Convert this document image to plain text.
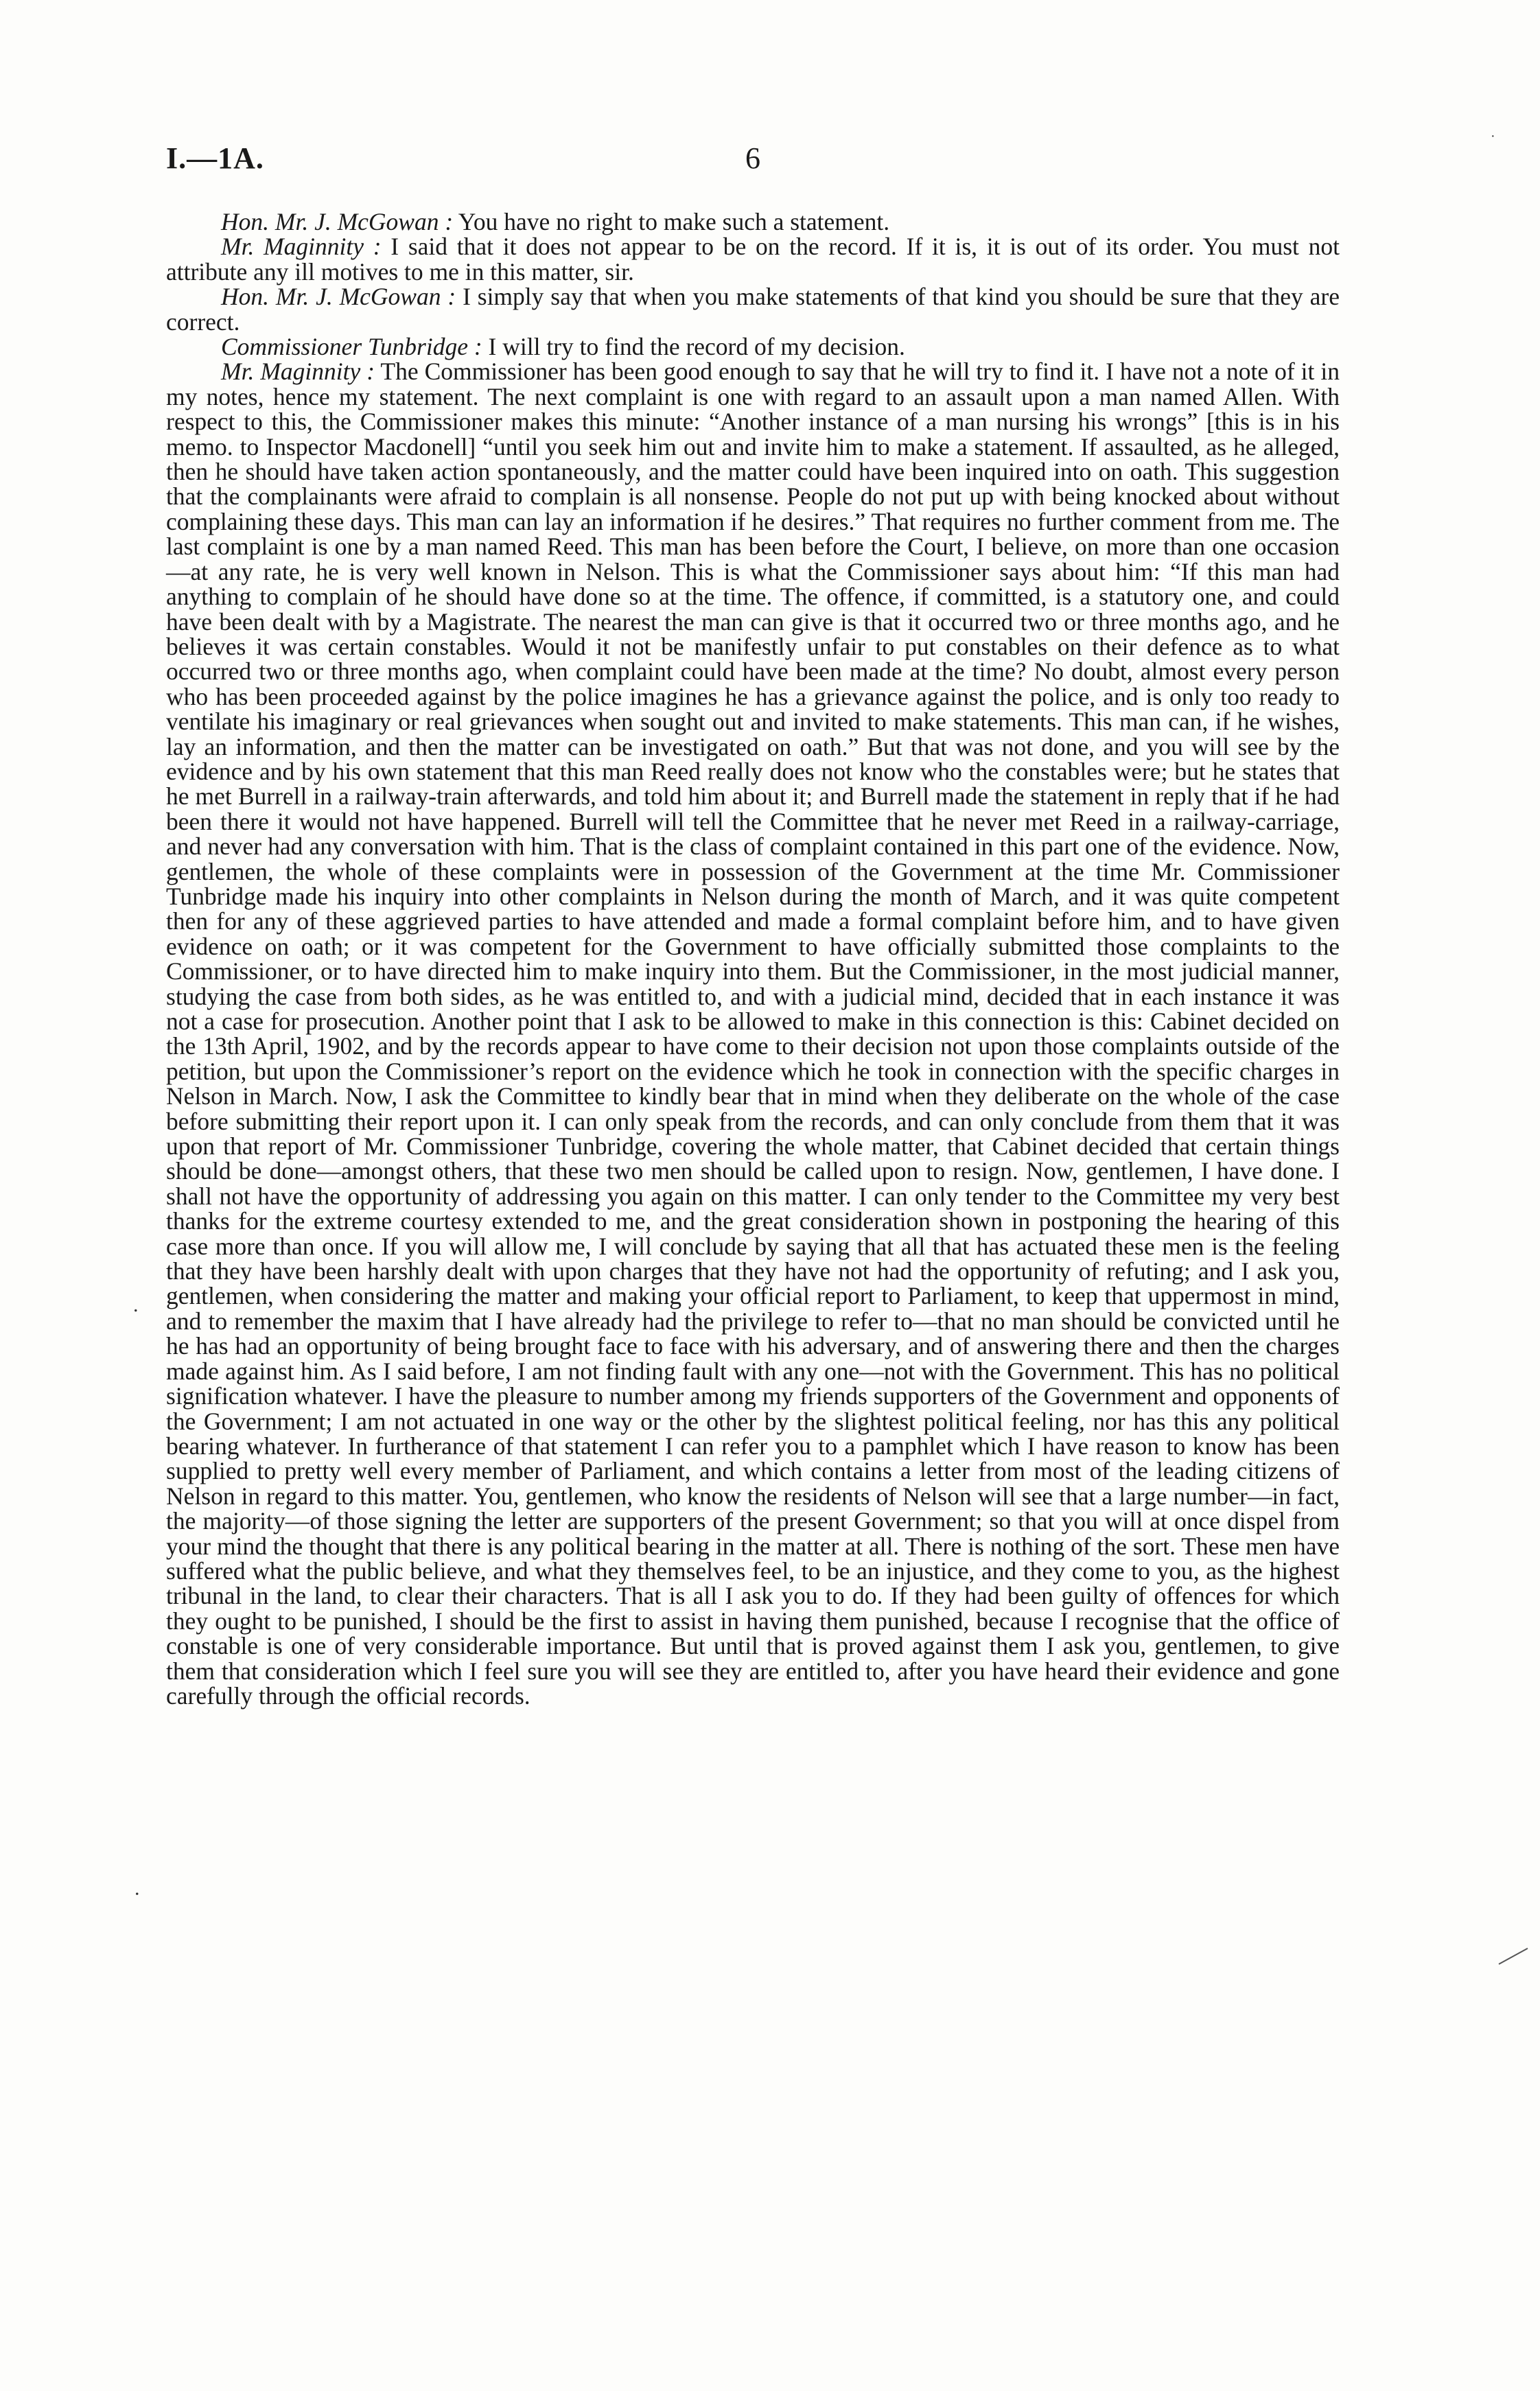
I.—1A.	6

Hon. Mr. J. McGowan : You have no right to make such a statement.

Mr. Maginnity : I said that it does not appear to be on the record. If it is, it is out of its order. You must not attribute any ill motives to me in this matter, sir.

Hon. Mr. J. McGowan : I simply say that when you make statements of that kind you should be sure that they are correct.

Commissioner Tunbridge : I will try to find the record of my decision.

Mr. Maginnity : The Commissioner has been good enough to say that he will try to find it. I have not a note of it in my notes, hence my statement. The next complaint is one with regard to an assault upon a man named Allen. With respect to this, the Commissioner makes this minute: “Another instance of a man nursing his wrongs” [this is in his memo. to Inspector Macdonell] “until you seek him out and invite him to make a statement. If assaulted, as he alleged, then he should have taken action spontaneously, and the matter could have been inquired into on oath. This suggestion that the complainants were afraid to complain is all nonsense. People do not put up with being knocked about without complaining these days. This man can lay an information if he desires.” That requires no further comment from me. The last complaint is one by a man named Reed. This man has been before the Court, I believe, on more than one occasion—at any rate, he is very well known in Nelson. This is what the Commissioner says about him: “If this man had anything to complain of he should have done so at the time. The offence, if committed, is a statutory one, and could have been dealt with by a Magistrate. The nearest the man can give is that it occurred two or three months ago, and he believes it was certain constables. Would it not be manifestly unfair to put constables on their defence as to what occurred two or three months ago, when complaint could have been made at the time? No doubt, almost every person who has been proceeded against by the police imagines he has a grievance against the police, and is only too ready to ventilate his imaginary or real grievances when sought out and invited to make statements. This man can, if he wishes, lay an information, and then the matter can be investigated on oath.” But that was not done, and you will see by the evidence and by his own statement that this man Reed really does not know who the constables were; but he states that he met Burrell in a railway-train afterwards, and told him about it; and Burrell made the statement in reply that if he had been there it would not have happened. Burrell will tell the Committee that he never met Reed in a railway-carriage, and never had any conversation with him. That is the class of complaint contained in this part one of the evidence. Now, gentlemen, the whole of these complaints were in possession of the Government at the time Mr. Commissioner Tunbridge made his inquiry into other complaints in Nelson during the month of March, and it was quite competent then for any of these aggrieved parties to have attended and made a formal complaint before him, and to have given evidence on oath; or it was competent for the Government to have officially submitted those complaints to the Commissioner, or to have directed him to make inquiry into them. But the Commissioner, in the most judicial manner, studying the case from both sides, as he was entitled to, and with a judicial mind, decided that in each instance it was not a case for prosecution. Another point that I ask to be allowed to make in this connection is this: Cabinet decided on the 13th April, 1902, and by the records appear to have come to their decision not upon those complaints outside of the petition, but upon the Commissioner’s report on the evidence which he took in connection with the specific charges in Nelson in March. Now, I ask the Committee to kindly bear that in mind when they deliberate on the whole of the case before submitting their report upon it. I can only speak from the records, and can only conclude from them that it was upon that report of Mr. Commissioner Tunbridge, covering the whole matter, that Cabinet decided that certain things should be done—amongst others, that these two men should be called upon to resign. Now, gentlemen, I have done. I shall not have the opportunity of addressing you again on this matter. I can only tender to the Committee my very best thanks for the extreme courtesy extended to me, and the great consideration shown in postponing the hearing of this case more than once. If you will allow me, I will conclude by saying that all that has actuated these men is the feeling that they have been harshly dealt with upon charges that they have not had the opportunity of refuting; and I ask you, gentlemen, when considering the matter and making your official report to Parliament, to keep that uppermost in mind, and to remember the maxim that I have already had the privilege to refer to—that no man should be convicted until he he has had an opportunity of being brought face to face with his adversary, and of answering there and then the charges made against him. As I said before, I am not finding fault with any one—not with the Government. This has no political signification whatever. I have the pleasure to number among my friends supporters of the Government and opponents of the Government; I am not actuated in one way or the other by the slightest political feeling, nor has this any political bearing whatever. In furtherance of that statement I can refer you to a pamphlet which I have reason to know has been supplied to pretty well every member of Parliament, and which contains a letter from most of the leading citizens of Nelson in regard to this matter. You, gentlemen, who know the residents of Nelson will see that a large number—in fact, the majority—of those signing the letter are supporters of the present Government; so that you will at once dispel from your mind the thought that there is any political bearing in the matter at all. There is nothing of the sort. These men have suffered what the public believe, and what they themselves feel, to be an injustice, and they come to you, as the highest tribunal in the land, to clear their characters. That is all I ask you to do. If they had been guilty of offences for which they ought to be punished, I should be the first to assist in having them punished, because I recognise that the office of constable is one of very considerable importance. But until that is proved against them I ask you, gentlemen, to give them that consideration which I feel sure you will see they are entitled to, after you have heard their evidence and gone carefully through the official records.

·
.
.
